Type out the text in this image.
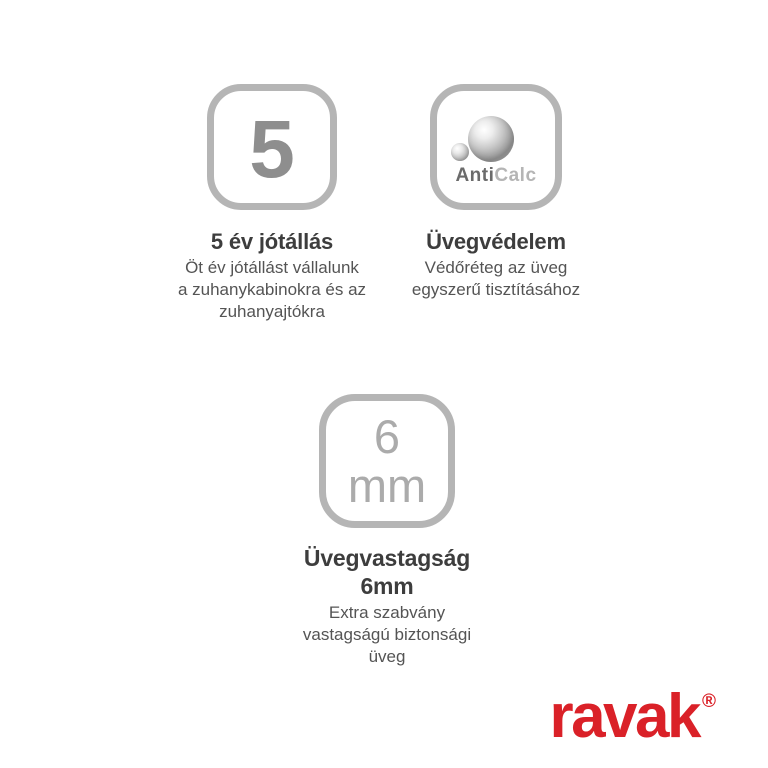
5
5 év jótállás
Öt év jótállást vállalunk
a zuhanykabinokra és az
zuhanyajtókra
AntiCalc
Üvegvédelem
Védőréteg az üveg
egyszerű tisztításához
6
mm
Üvegvastagság
6mm
Extra szabvány
vastagságú biztonsági
üveg
ravak ®
